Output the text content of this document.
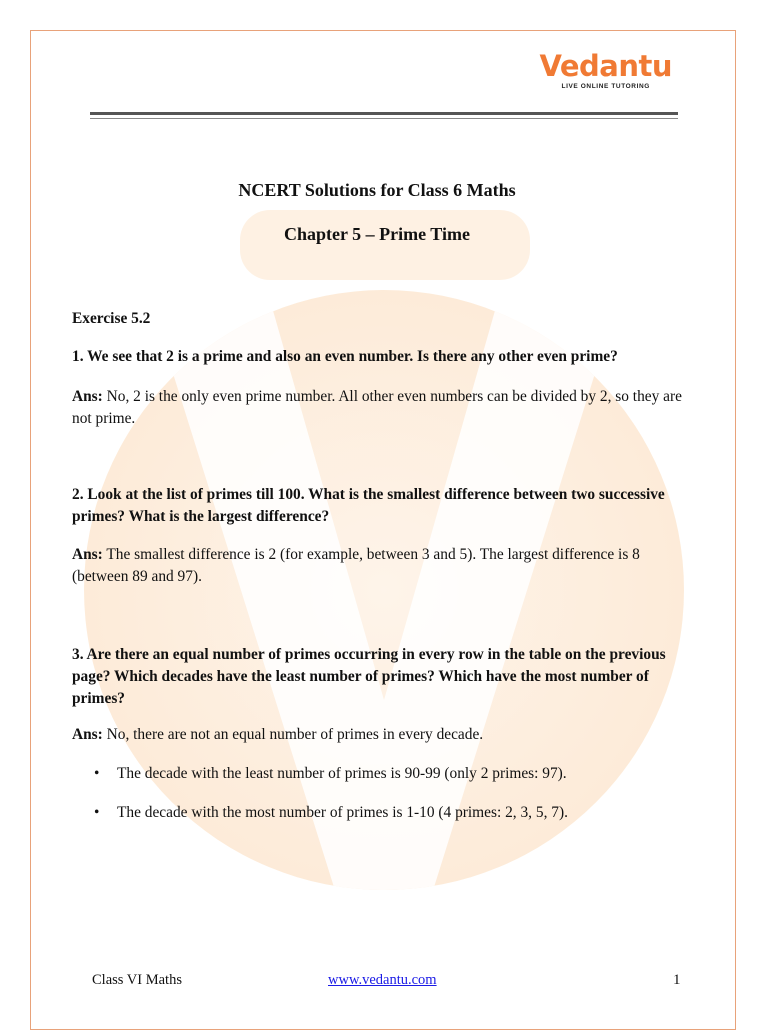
Vedantu
LIVE ONLINE TUTORING
NCERT Solutions for Class 6 Maths
Chapter 5 – Prime Time
Exercise 5.2
1. We see that 2 is a prime and also an even number. Is there any other even prime?
Ans: No, 2 is the only even prime number. All other even numbers can be divided by 2, so they are not prime.
2. Look at the list of primes till 100. What is the smallest difference between two successive primes? What is the largest difference?
Ans: The smallest difference is 2 (for example, between 3 and 5). The largest difference is 8 (between 89 and 97).
3. Are there an equal number of primes occurring in every row in the table on the previous page? Which decades have the least number of primes? Which have the most number of primes?
Ans: No, there are not an equal number of primes in every decade.
• The decade with the least number of primes is 90-99 (only 2 primes: 97).
• The decade with the most number of primes is 1-10 (4 primes: 2, 3, 5, 7).
Class VI Maths	www.vedantu.com	1
